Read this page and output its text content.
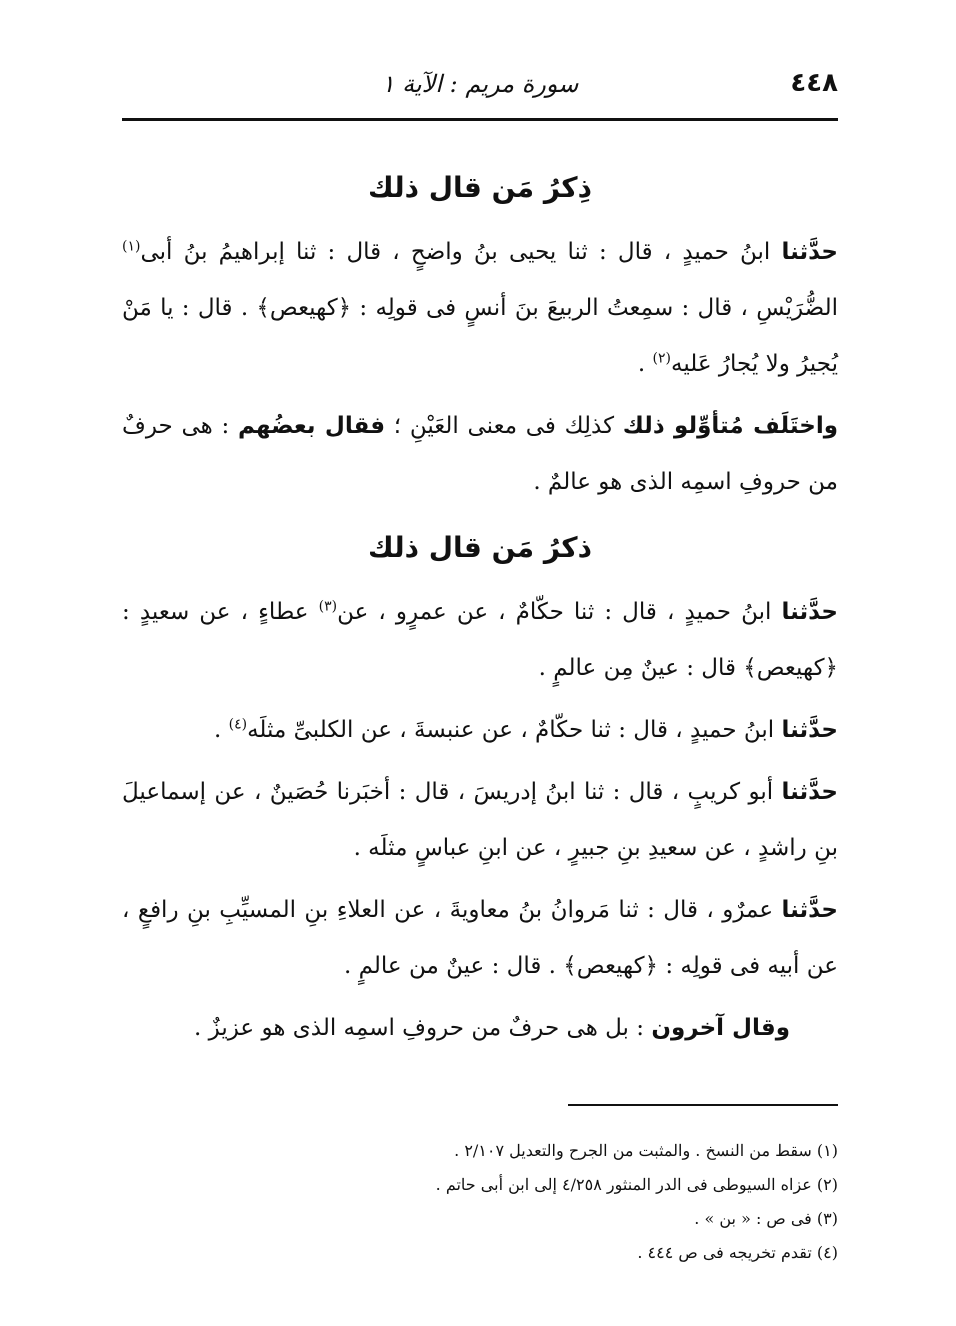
٤٤٨
سورة مريم : الآية ١
ذِكرُ مَن قال ذلك

حدَّثنا ابنُ حميدٍ ، قال : ثنا يحيى بنُ واضحٍ ، قال : ثنا إبراهيمُ بنُ أبى$^{(١)}$ الضُّرَيْسِ ، قال : سمِعتُ الربيعَ بنَ أنسٍ فى قولِه : ﴿كهيعص﴾ . قال : يا مَنْ يُجيرُ ولا يُجارُ عَليه$^{(٢)}$ .

واختَلَف مُتأوِّلو ذلك كذلِك فى معنى العَيْنِ ؛ فقال بعضُهم : هى حرفٌ من حروفِ اسمِه الذى هو عالمٌ .

ذكرُ مَن قال ذلك

حدَّثنا ابنُ حميدٍ ، قال : ثنا حكّامٌ ، عن عمرٍو ، عن$^{(٣)}$ عطاءٍ ، عن سعيدٍ : ﴿كهيعص﴾ قال : عينٌ مِن عالمٍ .

حدَّثنا ابنُ حميدٍ ، قال : ثنا حكّامٌ ، عن عنبسةَ ، عن الكلبىِّ مثلَه$^{(٤)}$ .

حدَّثنا أبو كريبٍ ، قال : ثنا ابنُ إدريسَ ، قال : أخبَرنا حُصَينٌ ، عن إسماعيلَ بنِ راشدٍ ، عن سعيدِ بنِ جبيرٍ ، عن ابنِ عباسٍ مثلَه .

حدَّثنا عمرٌو ، قال : ثنا مَروانُ بنُ معاويةَ ، عن العلاءِ بنِ المسيِّبِ بنِ رافعٍ ، عن أبيه فى قولِه : ﴿كهيعص﴾ . قال : عينٌ من عالمٍ .

وقال آخرون : بل هى حرفٌ من حروفِ اسمِه الذى هو عزيزٌ .

(١) سقط من النسخ . والمثبت من الجرح والتعديل ٢/١٠٧ .
(٢) عزاه السيوطى فى الدر المنثور ٤/٢٥٨ إلى ابن أبى حاتم .
(٣) فى ص : « بن » .
(٤) تقدم تخريجه فى ص ٤٤٤ .
